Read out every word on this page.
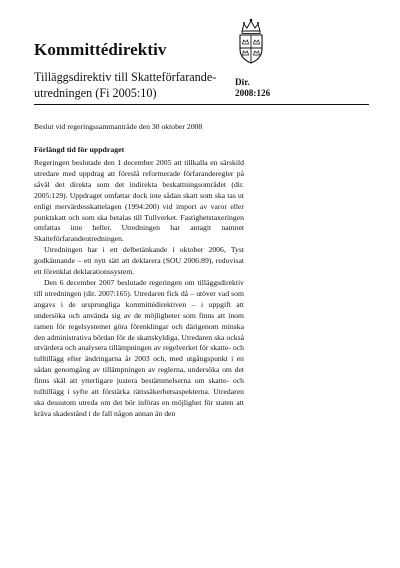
Kommittédirektiv
Tilläggsdirektiv till Skatteförfarande-
utredningen (Fi 2005:10)
Dir.
2008:126
Beslut vid regeringssammanträde den 30 oktober 2008
Förlängd tid för uppdraget

Regeringen beslutade den 1 december 2005 att tillkalla en särskild utredare med uppdrag att föreslå reformerade förfaranderegler på såväl det direkta som det indirekta beskattningsområdet (dir. 2005:129). Uppdraget omfattar dock inte sådan skatt som ska tas ut enligt mervärdesskattelagen (1994:200) vid import av varor eller punktskatt och som ska betalas till Tullverket. Fastighetstaxeringen omfattas inte heller. Utredningen har antagit namnet Skatteförfarandeutredningen.

Utredningen har i ett delbetänkande i oktober 2006, Tyst godkännande – ett nytt sätt att deklarera (SOU 2006:89), redovisat ett förenklat deklarationssystem.

Den 6 december 2007 beslutade regeringen om tilläggsdirektiv till utredningen (dir. 2007:165). Utredaren fick då – utöver vad som angavs i de ursprungliga kommittédirektiven – i uppgift att undersöka och använda sig av de möjligheter som finns att inom ramen för regelsystemet göra förenklingar och därigenom minska den administrativa bördan för de skattskyldiga. Utredaren ska också utvärdera och analysera tillämpningen av regelverket för skatte- och tulltillägg efter ändringarna år 2003 och, med utgångspunkt i en sådan genomgång av tillämpningen av reglerna, undersöka om det finns skäl att ytterligare justera bestämmelserna om skatte- och tulltillägg i syfte att förstärka rättssäkerhetsaspekterna. Utredaren ska dessutom utreda om det bör införas en möjlighet för staten att kräva skadestånd i de fall någon annan än den
